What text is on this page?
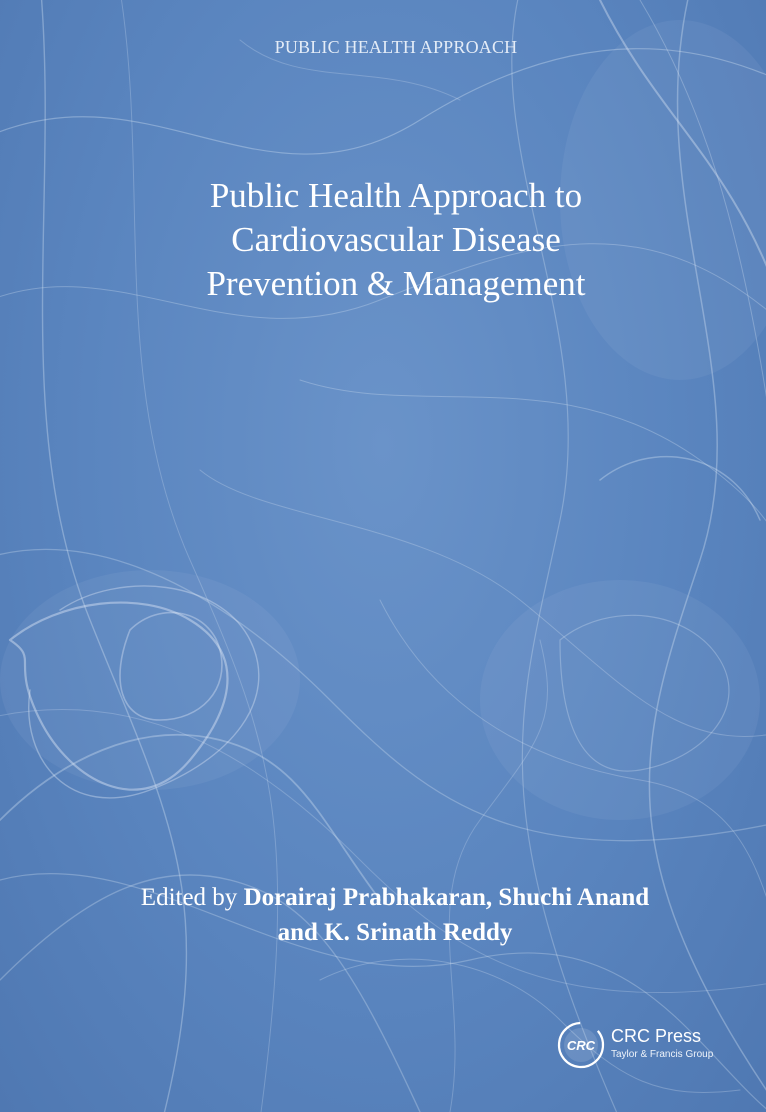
PUBLIC HEALTH APPROACH
Public Health Approach to
Cardiovascular Disease
Prevention & Management
Edited by Dorairaj Prabhakaran, Shuchi Anand
and K. Srinath Reddy
CRC CRC Press
Taylor & Francis Group
